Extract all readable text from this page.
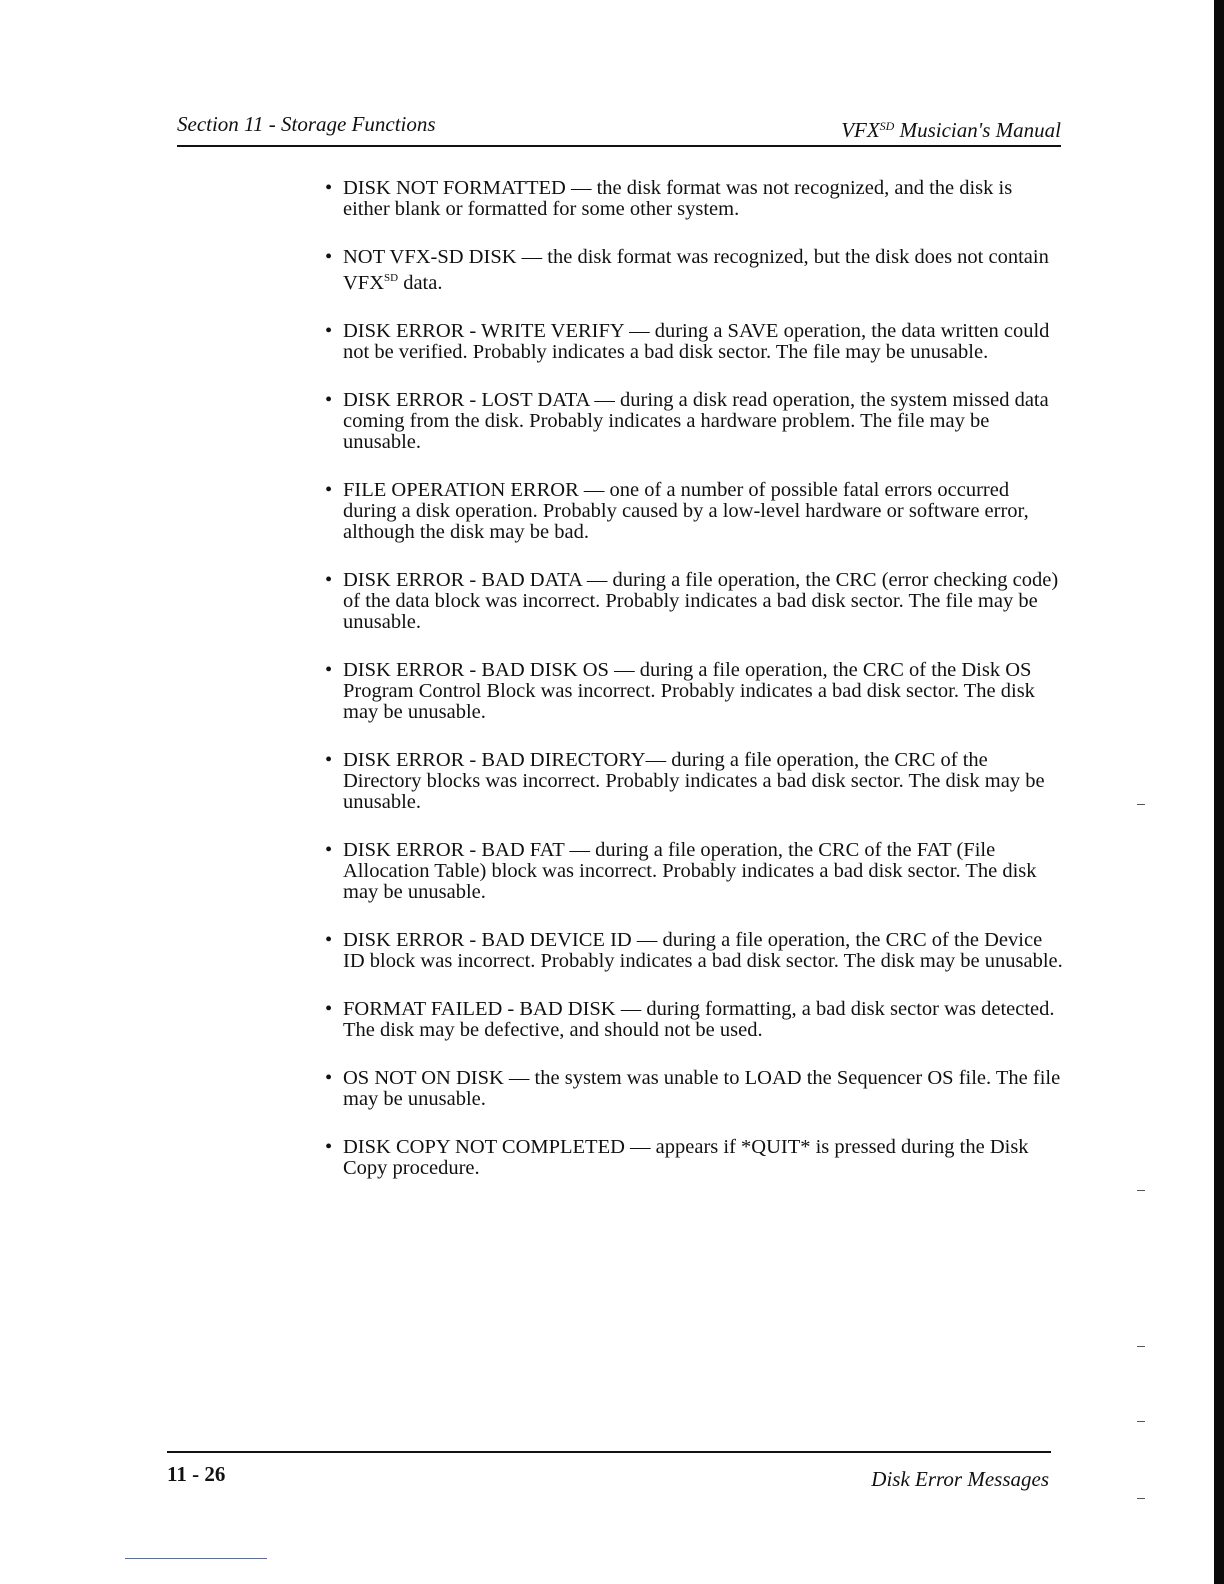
Section 11 - Storage Functions	$VFX^{SD}$ Musician's Manual
• DISK NOT FORMATTED — the disk format was not recognized, and the disk is either blank or formatted for some other system.
• NOT VFX-SD DISK — the disk format was recognized, but the disk does not contain $VFX^{SD}$ data.
• DISK ERROR - WRITE VERIFY — during a SAVE operation, the data written could not be verified. Probably indicates a bad disk sector. The file may be unusable.
• DISK ERROR - LOST DATA — during a disk read operation, the system missed data coming from the disk. Probably indicates a hardware problem. The file may be unusable.
• FILE OPERATION ERROR — one of a number of possible fatal errors occurred during a disk operation. Probably caused by a low-level hardware or software error, although the disk may be bad.
• DISK ERROR - BAD DATA — during a file operation, the CRC (error checking code) of the data block was incorrect. Probably indicates a bad disk sector. The file may be unusable.
• DISK ERROR - BAD DISK OS — during a file operation, the CRC of the Disk OS Program Control Block was incorrect. Probably indicates a bad disk sector. The disk may be unusable.
• DISK ERROR - BAD DIRECTORY— during a file operation, the CRC of the Directory blocks was incorrect. Probably indicates a bad disk sector. The disk may be unusable.
• DISK ERROR - BAD FAT — during a file operation, the CRC of the FAT (File Allocation Table) block was incorrect. Probably indicates a bad disk sector. The disk may be unusable.
• DISK ERROR - BAD DEVICE ID — during a file operation, the CRC of the Device ID block was incorrect. Probably indicates a bad disk sector. The disk may be unusable.
• FORMAT FAILED - BAD DISK — during formatting, a bad disk sector was detected. The disk may be defective, and should not be used.
• OS NOT ON DISK — the system was unable to LOAD the Sequencer OS file. The file may be unusable.
• DISK COPY NOT COMPLETED — appears if *QUIT* is pressed during the Disk Copy procedure.
11 - 26	Disk Error Messages
